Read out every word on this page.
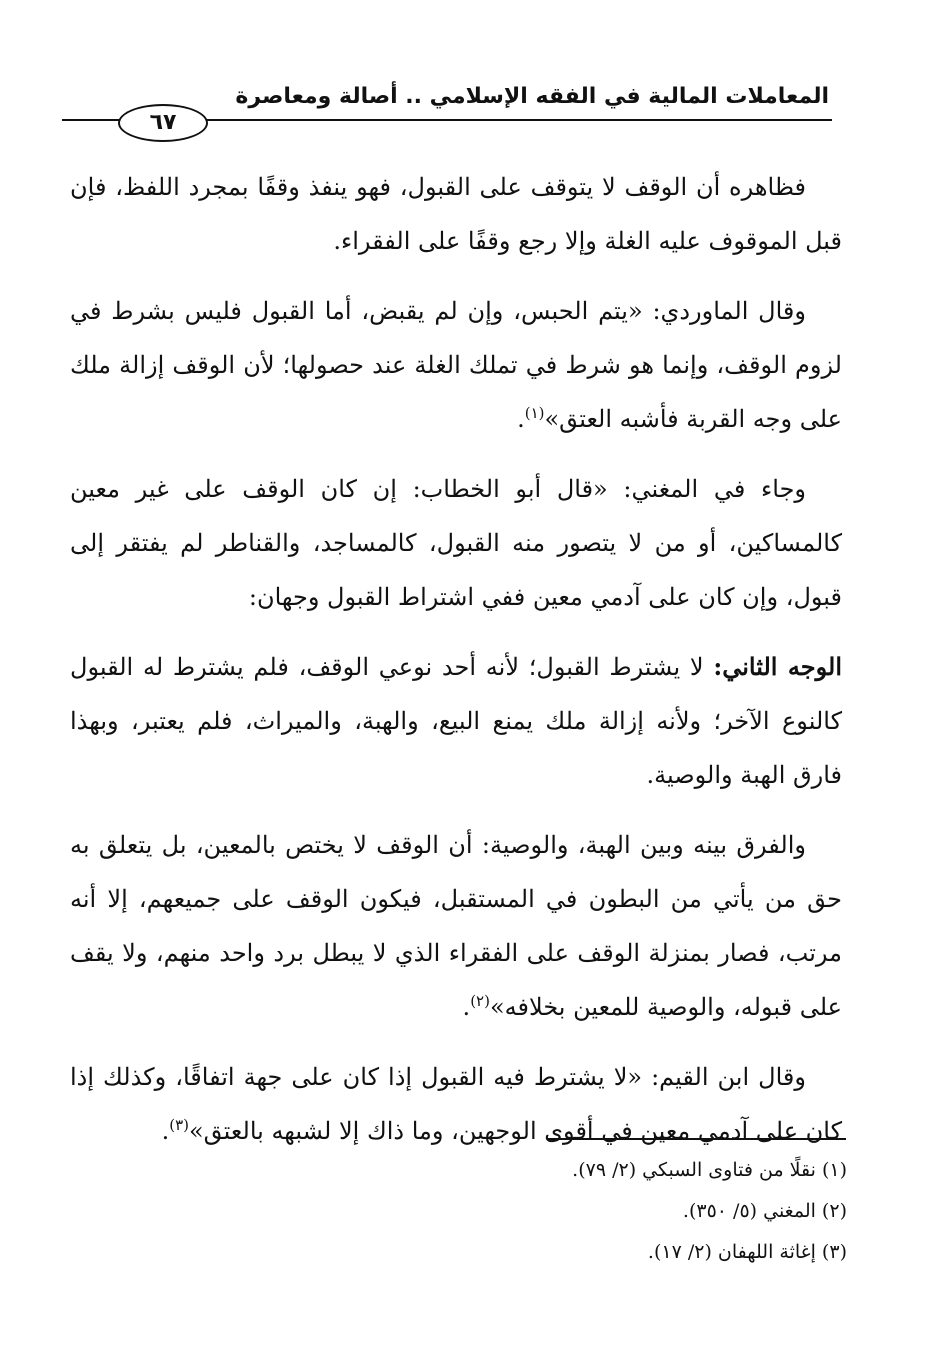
المعاملات المالية في الفقه الإسلامي .. أصالة ومعاصرة
٦٧

فظاهره أن الوقف لا يتوقف على القبول، فهو ينفذ وقفًا بمجرد اللفظ، فإن قبل الموقوف عليه الغلة وإلا رجع وقفًا على الفقراء.

وقال الماوردي: «يتم الحبس، وإن لم يقبض، أما القبول فليس بشرط في لزوم الوقف، وإنما هو شرط في تملك الغلة عند حصولها؛ لأن الوقف إزالة ملك على وجه القربة فأشبه العتق»$^{(١)}$.

وجاء في المغني: «قال أبو الخطاب: إن كان الوقف على غير معين كالمساكين، أو من لا يتصور منه القبول، كالمساجد، والقناطر لم يفتقر إلى قبول، وإن كان على آدمي معين ففي اشتراط القبول وجهان:

الوجه الثاني: لا يشترط القبول؛ لأنه أحد نوعي الوقف، فلم يشترط له القبول كالنوع الآخر؛ ولأنه إزالة ملك يمنع البيع، والهبة، والميراث، فلم يعتبر، وبهذا فارق الهبة والوصية.

والفرق بينه وبين الهبة، والوصية: أن الوقف لا يختص بالمعين، بل يتعلق به حق من يأتي من البطون في المستقبل، فيكون الوقف على جميعهم، إلا أنه مرتب، فصار بمنزلة الوقف على الفقراء الذي لا يبطل برد واحد منهم، ولا يقف على قبوله، والوصية للمعين بخلافه»$^{(٢)}$.

وقال ابن القيم: «لا يشترط فيه القبول إذا كان على جهة اتفاقًا، وكذلك إذا كان على آدمي معين في أقوى الوجهين، وما ذاك إلا لشبهه بالعتق»$^{(٣)}$.

(١) نقلًا من فتاوى السبكي (٢/ ٧٩).

(٢) المغني (٥/ ٣٥٠).

(٣) إغاثة اللهفان (٢/ ١٧).
